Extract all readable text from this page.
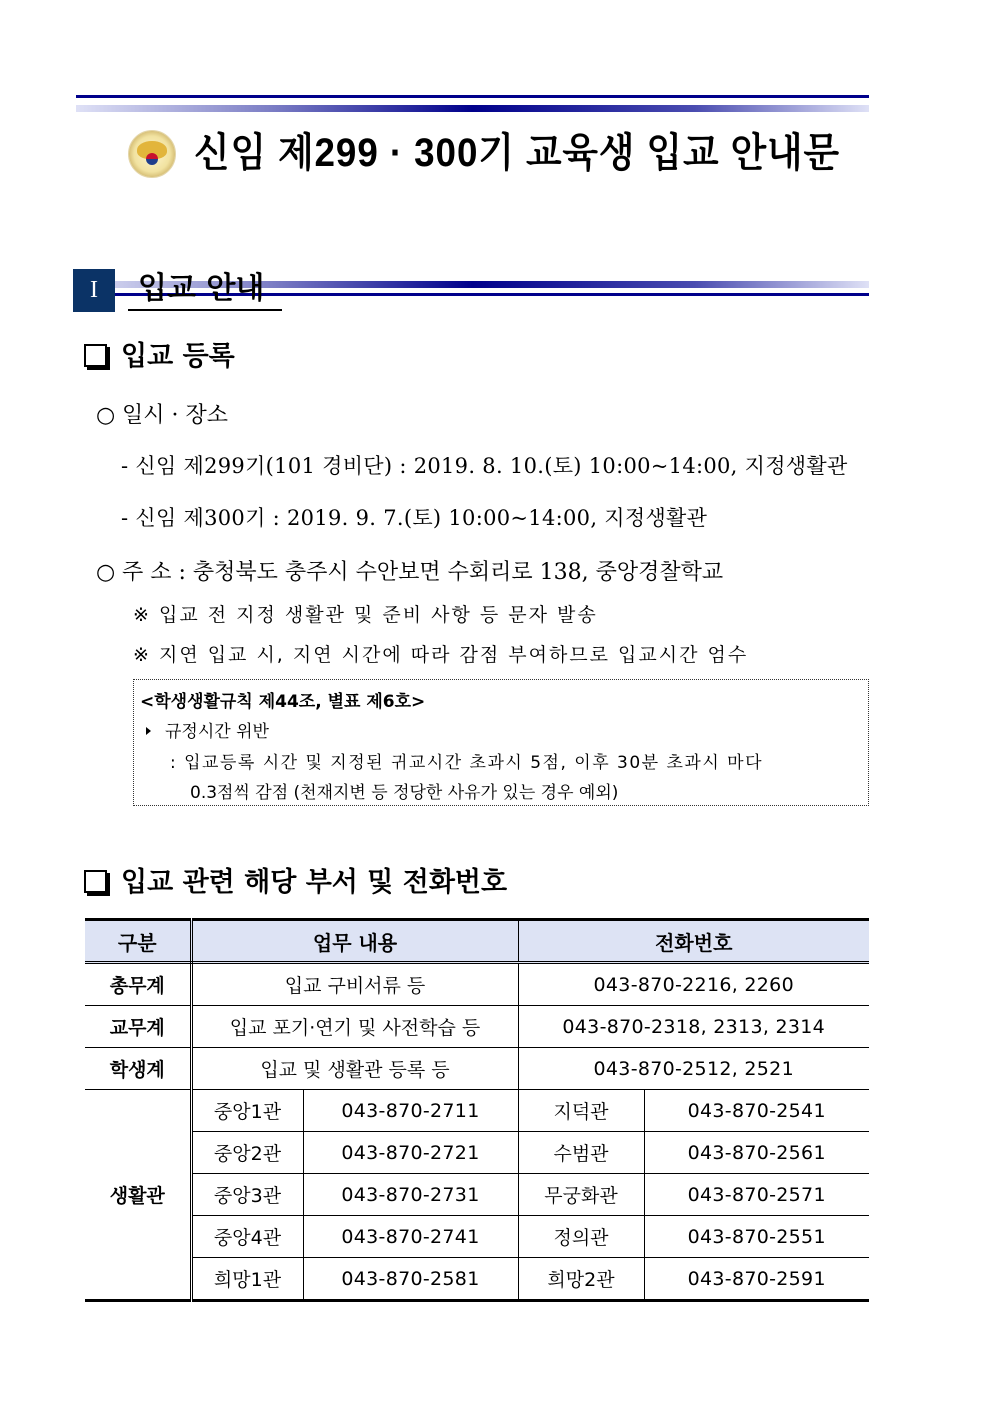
신임 제299 · 300기 교육생 입교 안내문
I	입교 안내
입교 등록
○ 일시 · 장소
- 신임 제299기(101 경비단) : 2019. 8. 10.(토) 10:00~14:00, 지정생활관
- 신임 제300기 : 2019. 9. 7.(토) 10:00~14:00, 지정생활관
○ 주 소 : 충청북도 충주시 수안보면 수회리로 138, 중앙경찰학교
※ 입교 전 지정 생활관 및 준비 사항 등 문자 발송
※ 지연 입교 시, 지연 시간에 따라 감점 부여하므로 입교시간 엄수
<학생생활규칙 제44조, 별표 제6호>
규정시간 위반
: 입교등록 시간 및 지정된 귀교시간 초과시 5점, 이후 30분 초과시 마다
0.3점씩 감점 (천재지변 등 정당한 사유가 있는 경우 예외)
입교 관련 해당 부서 및 전화번호
구분	업무 내용		전화번호	
총무계	입교 구비서류 등		043-870-2216, 2260	
교무계	입교 포기·연기 및 사전학습 등		043-870-2318, 2313, 2314	
학생계	입교 및 생활관 등록 등		043-870-2512, 2521	
생활관	중앙1관	043-870-2711	지덕관	043-870-2541
	중앙2관	043-870-2721	수범관	043-870-2561
	중앙3관	043-870-2731	무궁화관	043-870-2571
	중앙4관	043-870-2741	정의관	043-870-2551
	희망1관	043-870-2581	희망2관	043-870-2591
